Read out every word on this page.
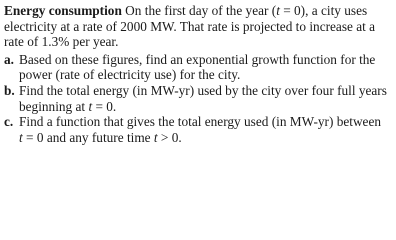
Energy consumption On the first day of the year (t = 0), a city uses electricity at a rate of 2000 MW. That rate is projected to increase at a rate of 1.3% per year.

a. Based on these figures, find an exponential growth function for the power (rate of electricity use) for the city.
b. Find the total energy (in MW-yr) used by the city over four full years beginning at t = 0.
c. Find a function that gives the total energy used (in MW-yr) between t = 0 and any future time t > 0.
